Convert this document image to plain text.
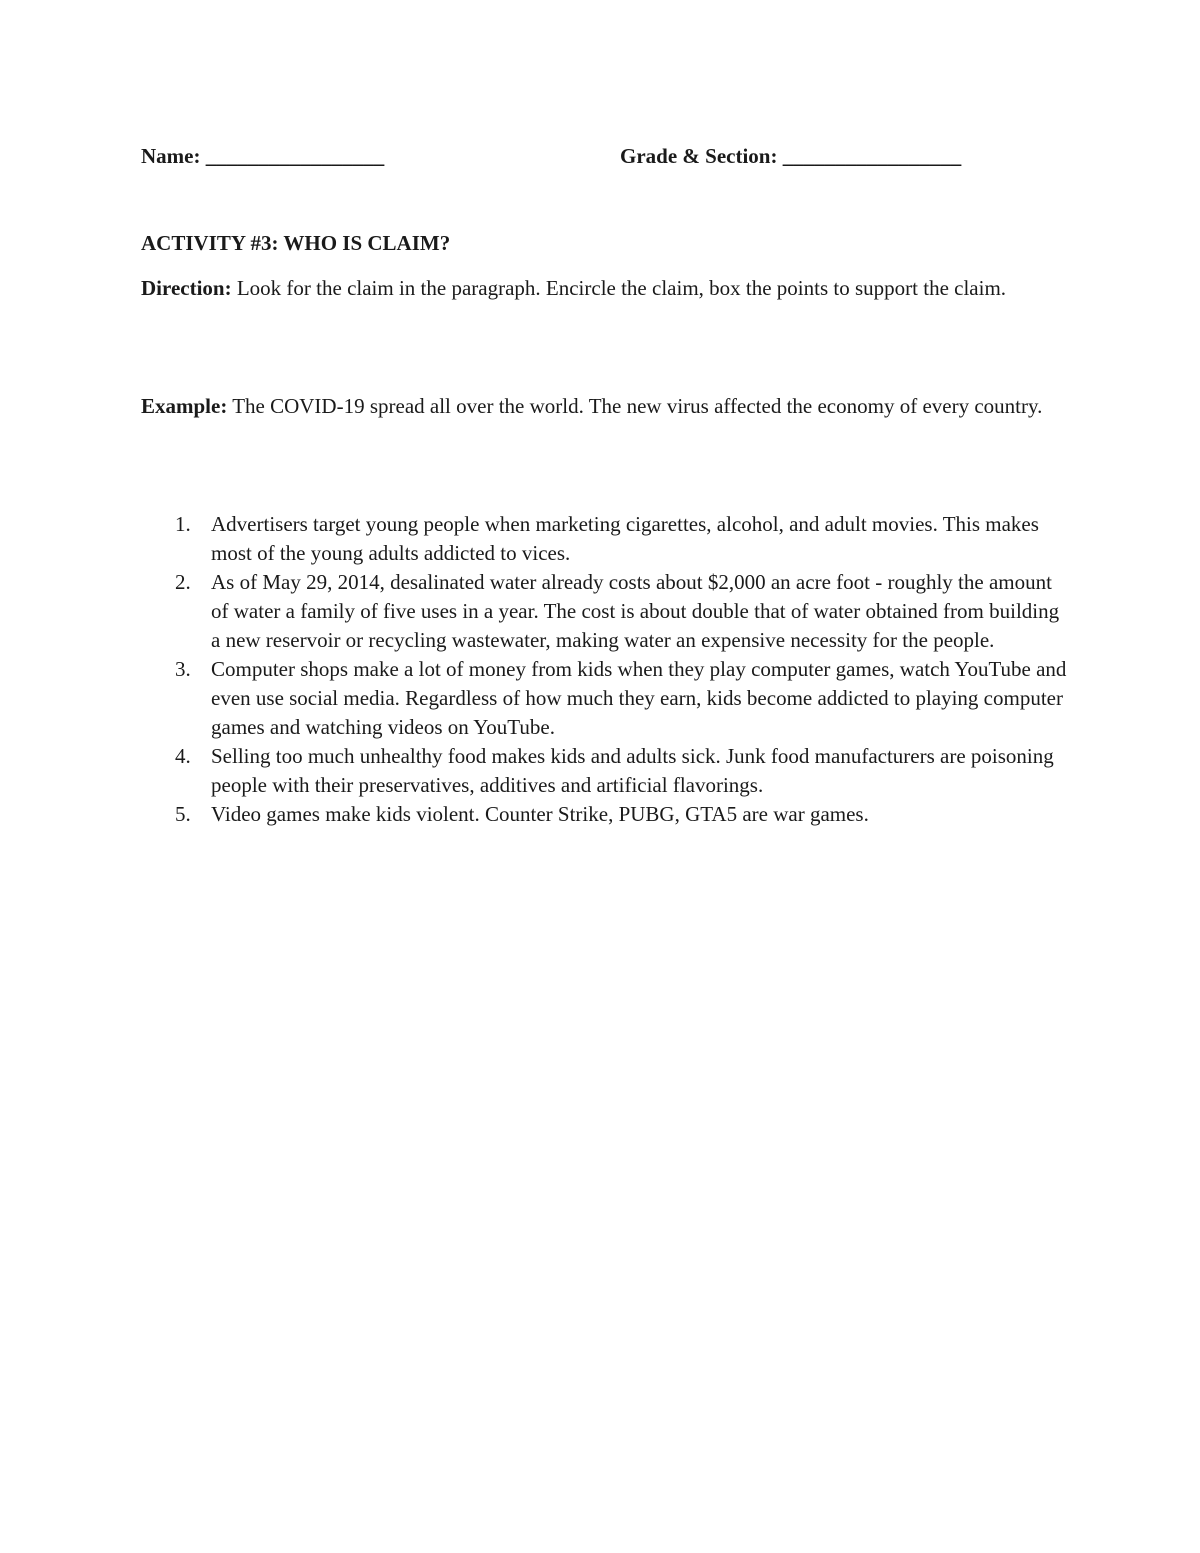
Name: _________________	Grade & Section: _________________
ACTIVITY #3: WHO IS CLAIM?
Direction: Look for the claim in the paragraph. Encircle the claim, box the points to support the claim.
Example: The COVID-19 spread all over the world. The new virus affected the economy of every country.
1. Advertisers target young people when marketing cigarettes, alcohol, and adult movies. This makes most of the young adults addicted to vices.
2. As of May 29, 2014, desalinated water already costs about $2,000 an acre foot - roughly the amount of water a family of five uses in a year. The cost is about double that of water obtained from building a new reservoir or recycling wastewater, making water an expensive necessity for the people.
3. Computer shops make a lot of money from kids when they play computer games, watch YouTube and even use social media. Regardless of how much they earn, kids become addicted to playing computer games and watching videos on YouTube.
4. Selling too much unhealthy food makes kids and adults sick. Junk food manufacturers are poisoning people with their preservatives, additives and artificial flavorings.
5. Video games make kids violent. Counter Strike, PUBG, GTA5 are war games.
